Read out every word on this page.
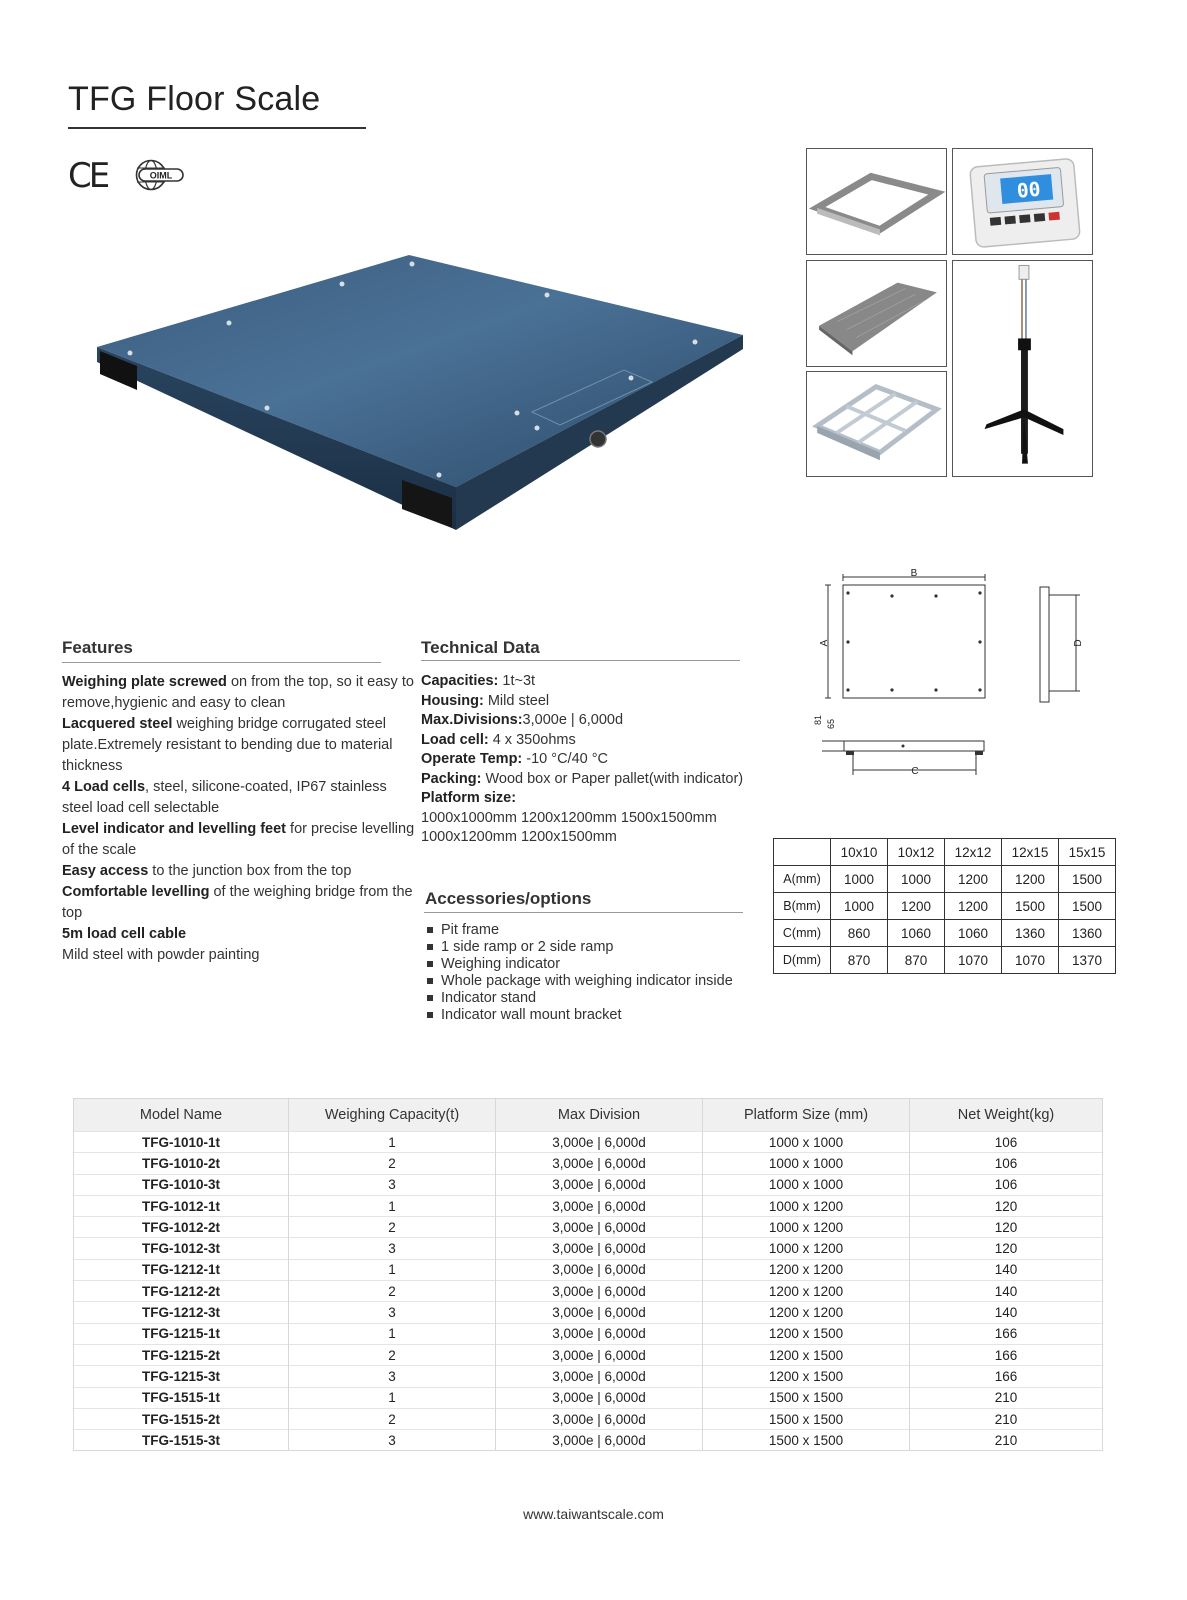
TFG Floor Scale
CE	OIML
00
B
A	D
C
81 65
Features

Weighing plate screwed on from the top, so it easy to remove,hygienic and easy to clean

Lacquered steel weighing bridge corrugated steel plate.Extremely resistant to bending due to material thickness

4 Load cells, steel, silicone-coated, IP67 stainless steel load cell selectable

Level indicator and levelling feet for precise levelling of the scale

Easy access to the junction box from the top

Comfortable levelling of the weighing bridge from the top

5m load cell cable

Mild steel with powder painting

Technical Data

Capacities: 1t~3t

Housing: Mild steel

Max.Divisions:3,000e | 6,000d

Load cell: 4 x 350ohms

Operate Temp: -10 °C/40 °C

Packing: Wood box or Paper pallet(with indicator)

Platform size:

1000x1000mm 1200x1200mm 1500x1500mm

1000x1200mm 1200x1500mm

Accessories/options
Pit frame
1 side ramp or 2 side ramp
Weighing indicator
Whole package with weighing indicator inside
Indicator stand
Indicator wall mount bracket
	10x10	10x12	12x12	12x15	15x15
A(mm)	1000	1000	1200	1200	1500
B(mm)	1000	1200	1200	1500	1500
C(mm)	860	1060	1060	1360	1360
D(mm)	870	870	1070	1070	1370
Model Name	Weighing Capacity(t)	Max Division	Platform Size (mm)	Net Weight(kg)
TFG-1010-1t	1	3,000e | 6,000d	1000 x 1000	106
TFG-1010-2t	2	3,000e | 6,000d	1000 x 1000	106
TFG-1010-3t	3	3,000e | 6,000d	1000 x 1000	106
TFG-1012-1t	1	3,000e | 6,000d	1000 x 1200	120
TFG-1012-2t	2	3,000e | 6,000d	1000 x 1200	120
TFG-1012-3t	3	3,000e | 6,000d	1000 x 1200	120
TFG-1212-1t	1	3,000e | 6,000d	1200 x 1200	140
TFG-1212-2t	2	3,000e | 6,000d	1200 x 1200	140
TFG-1212-3t	3	3,000e | 6,000d	1200 x 1200	140
TFG-1215-1t	1	3,000e | 6,000d	1200 x 1500	166
TFG-1215-2t	2	3,000e | 6,000d	1200 x 1500	166
TFG-1215-3t	3	3,000e | 6,000d	1200 x 1500	166
TFG-1515-1t	1	3,000e | 6,000d	1500 x 1500	210
TFG-1515-2t	2	3,000e | 6,000d	1500 x 1500	210
TFG-1515-3t	3	3,000e | 6,000d	1500 x 1500	210
www.taiwantscale.com
